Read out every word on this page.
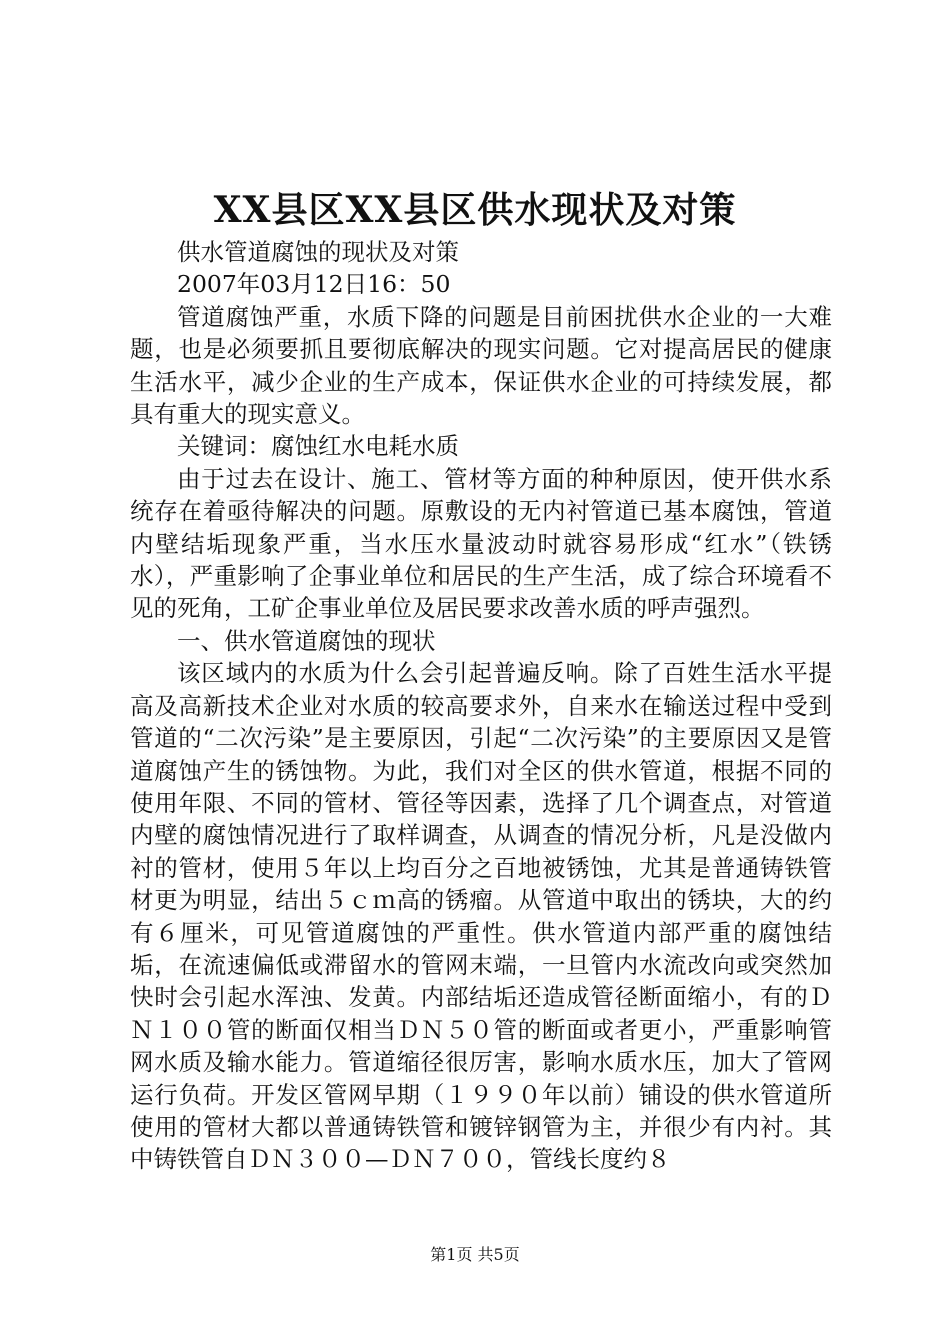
XX县区XX县区供水现状及对策

供水管道腐蚀的现状及对策

2007年03月12日16：50

管道腐蚀严重，水质下降的问题是目前困扰供水企业的一大难题，也是必须要抓且要彻底解决的现实问题。它对提高居民的健康生活水平，减少企业的生产成本，保证供水企业的可持续发展，都具有重大的现实意义。

关键词：腐蚀红水电耗水质

由于过去在设计、施工、管材等方面的种种原因，使开供水系统存在着亟待解决的问题。原敷设的无内衬管道已基本腐蚀，管道内壁结垢现象严重，当水压水量波动时就容易形成“红水”（铁锈水），严重影响了企事业单位和居民的生产生活，成了综合环境看不见的死角，工矿企事业单位及居民要求改善水质的呼声强烈。

一、供水管道腐蚀的现状

该区域内的水质为什么会引起普遍反响。除了百姓生活水平提高及高新技术企业对水质的较高要求外，自来水在输送过程中受到管道的“二次污染”是主要原因，引起“二次污染”的主要原因又是管道腐蚀产生的锈蚀物。为此，我们对全区的供水管道，根据不同的使用年限、不同的管材、管径等因素，选择了几个调查点，对管道内壁的腐蚀情况进行了取样调查，从调查的情况分析，凡是没做内衬的管材，使用５年以上均百分之百地被锈蚀，尤其是普通铸铁管材更为明显，结出５ｃｍ高的锈瘤。从管道中取出的锈块，大的约有６厘米，可见管道腐蚀的严重性。供水管道内部严重的腐蚀结垢，在流速偏低或滞留水的管网末端，一旦管内水流改向或突然加快时会引起水浑浊、发黄。内部结垢还造成管径断面缩小，有的ＤＮ１００管的断面仅相当ＤＮ５０管的断面或者更小，严重影响管网水质及输水能力。管道缩径很厉害，影响水质水压，加大了管网运行负荷。开发区管网早期（１９９０年以前）铺设的供水管道所使用的管材大都以普通铸铁管和镀锌钢管为主，并很少有内衬。其中铸铁管自ＤＮ３００—ＤＮ７００，管线长度约８

第1页 共5页
